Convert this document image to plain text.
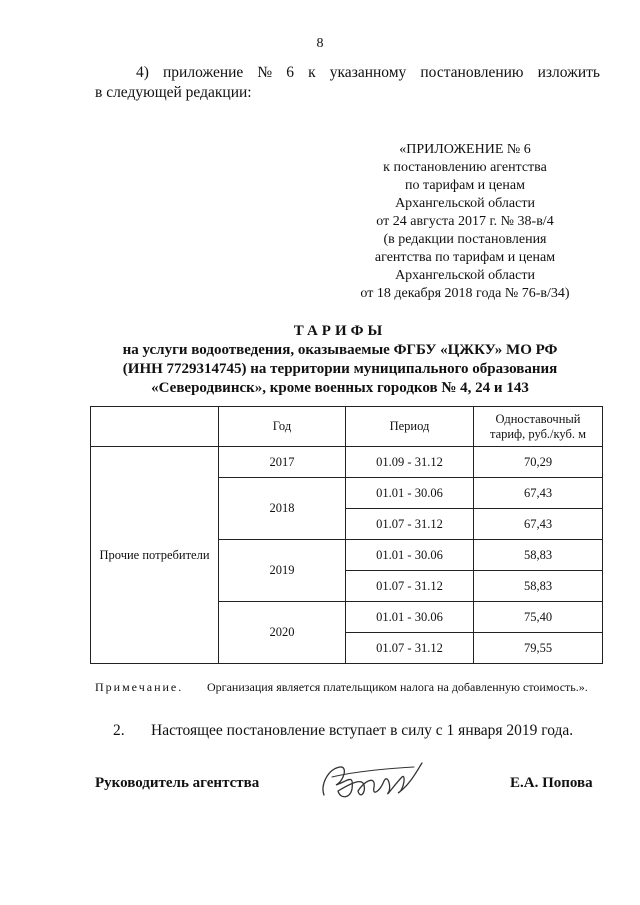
8
4) приложение № 6 к указанному постановлению изложить
в следующей редакции:
«ПРИЛОЖЕНИЕ № 6
к постановлению агентства
по тарифам и ценам
Архангельской области
от 24 августа 2017 г. № 38-в/4
(в редакции постановления
агентства по тарифам и ценам
Архангельской области
от 18 декабря 2018 года № 76-в/34)
ТАРИФЫ
на услуги водоотведения, оказываемые ФГБУ «ЦЖКУ» МО РФ
(ИНН 7729314745) на территории муниципального образования
«Северодвинск», кроме военных городков № 4, 24 и 143
	Год	Период	Одноставочный
тариф, руб./куб. м

Прочие потребители	2017	01.09 - 31.12	70,29
	2018	01.01 - 30.06	67,43
		01.07 - 31.12	67,43
	2019	01.01 - 30.06	58,83
		01.07 - 31.12	58,83
	2020	01.01 - 30.06	75,40
		01.07 - 31.12	79,55
Примечание. Организация является плательщиком налога на добавленную стоимость.».
2. Настоящее постановление вступает в силу с 1 января 2019 года.
Руководитель агентства	Е.А. Попова
